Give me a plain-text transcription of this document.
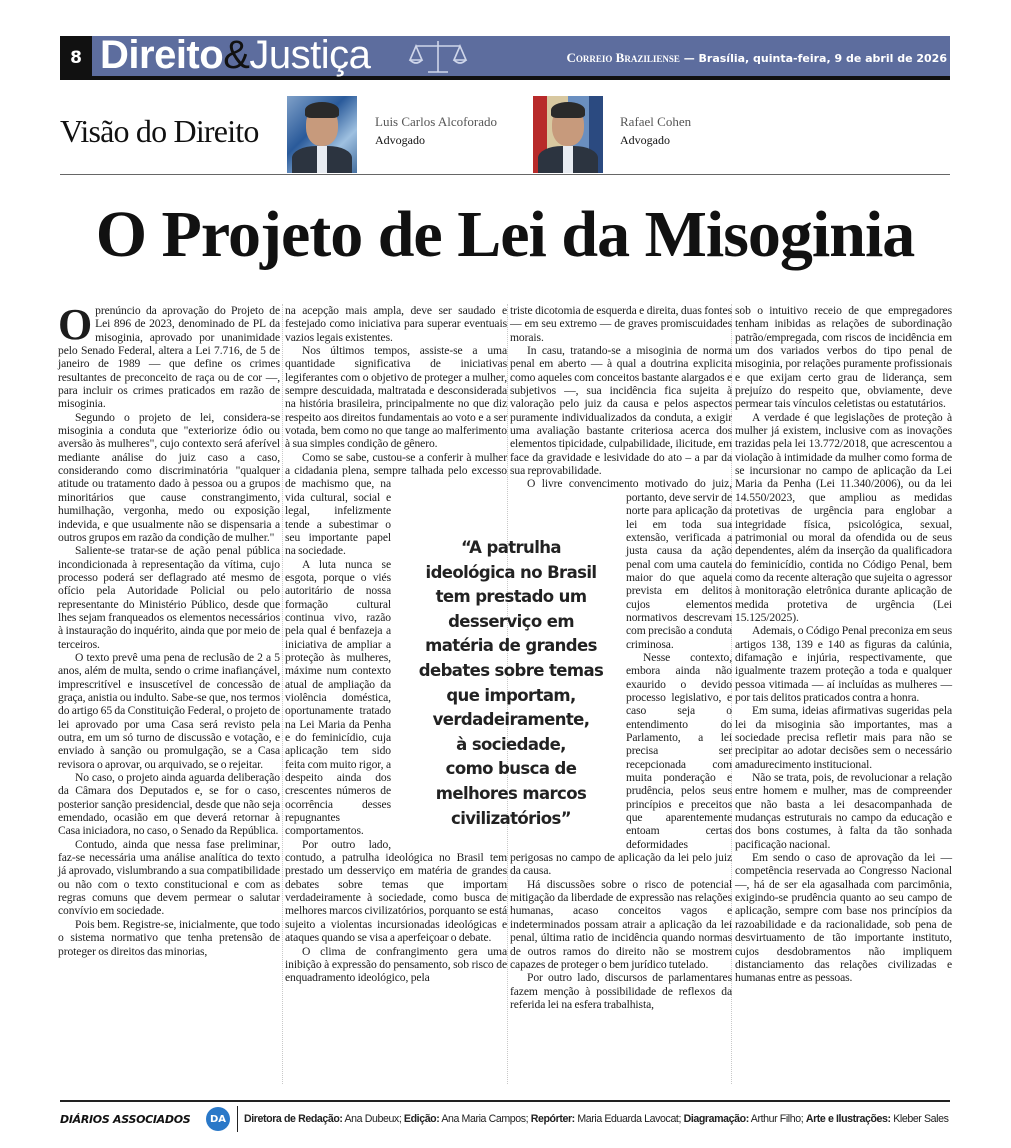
8 Direito&Justiça	Correio Braziliense — Brasília, quinta-feira, 9 de abril de 2026
Visão do Direito	Luis Carlos Alcoforado
Advogado
Rafael Cohen
Advogado
O Projeto de Lei da Misoginia

Oprenúncio da aprovação do Projeto de Lei 896 de 2023, denominado de PL da misoginia, aprovado por unanimidade pelo Senado Federal, altera a Lei 7.716, de 5 de janeiro de 1989 — que define os crimes resultantes de preconceito de raça ou de cor —, para incluir os crimes praticados em razão de misoginia.

Segundo o projeto de lei, considera-se misoginia a conduta que "exteriorize ódio ou aversão às mulheres", cujo contexto será aferível mediante análise do juiz caso a caso, considerando como discriminatória "qualquer atitude ou tratamento dado à pessoa ou a grupos minoritários que cause constrangimento, humilhação, vergonha, medo ou exposição indevida, e que usualmente não se dispensaria a outros grupos em razão da condição de mulher."

Saliente-se tratar-se de ação penal pública incondicionada à representação da vítima, cujo processo poderá ser deflagrado até mesmo de ofício pela Autoridade Policial ou pelo representante do Ministério Público, desde que lhes sejam franqueados os elementos necessários à instauração do inquérito, ainda que por meio de terceiros.

O texto prevê uma pena de reclusão de 2 a 5 anos, além de multa, sendo o crime inafiançável, imprescritível e insuscetível de concessão de graça, anistia ou indulto. Sabe-se que, nos termos do artigo 65 da Constituição Federal, o projeto de lei aprovado por uma Casa será revisto pela outra, em um só turno de discussão e votação, e enviado à sanção ou promulgação, se a Casa revisora o aprovar, ou arquivado, se o rejeitar.

No caso, o projeto ainda aguarda deliberação da Câmara dos Deputados e, se for o caso, posterior sanção presidencial, desde que não seja emendado, ocasião em que deverá retornar à Casa iniciadora, no caso, o Senado da República.

Contudo, ainda que nessa fase preliminar, faz-se necessária uma análise analítica do texto já aprovado, vislumbrando a sua compatibilidade ou não com o texto constitucional e com as regras comuns que devem permear o salutar convívio em sociedade.

Pois bem. Registre-se, inicialmente, que todo o sistema normativo que tenha pretensão de proteger os direitos das minorias,

na acepção mais ampla, deve ser saudado e festejado como iniciativa para superar eventuais vazios legais existentes.

Nos últimos tempos, assiste-se a uma quantidade significativa de iniciativas legiferantes com o objetivo de proteger a mulher, sempre descuidada, maltratada e desconsiderada na história brasileira, principalmente no que diz respeito aos direitos fundamentais ao voto e a ser votada, bem como no que tange ao malferimento à sua simples condição de gênero.

Como se sabe, custou-se a conferir à mulher a cidadania plena, sempre talhada pelo excesso de machismo que, na vida cultural, social e legal, infelizmente tende a subestimar o seu importante papel na sociedade.

A luta nunca se esgota, porque o viés autoritário de nossa formação cultural continua vivo, razão pela qual é benfazeja a iniciativa de ampliar a proteção às mulheres, máxime num contexto atual de ampliação da violência doméstica, oportunamente tratado na Lei Maria da Penha e do feminicídio, cuja aplicação tem sido feita com muito rigor, a despeito ainda dos crescentes números de ocorrência desses repugnantes comportamentos.

Por outro lado, contudo, a patrulha ideológica no Brasil tem prestado um desserviço em matéria de grandes debates sobre temas que importam verdadeiramente à sociedade, como busca de melhores marcos civilizatórios, porquanto se está sujeito a violentas incursionadas ideológicas e ataques quando se visa a aperfeiçoar o debate.

O clima de confrangimento gera uma inibição à expressão do pensamento, sob risco de enquadramento ideológico, pela

triste dicotomia de esquerda e direita, duas fontes — em seu extremo — de graves promiscuidades morais.

In casu, tratando-se a misoginia de norma penal em aberto — à qual a doutrina explicita como aqueles com conceitos bastante alargados e subjetivos —, sua incidência fica sujeita à valoração pelo juiz da causa e pelos aspectos puramente individualizados da conduta, a exigir uma avaliação bastante criteriosa acerca dos elementos tipicidade, culpabilidade, ilicitude, em face da gravidade e lesividade do ato – a par da sua reprovabilidade.

O livre convencimento motivado do juiz, portanto, deve servir de norte para aplicação da lei em toda sua extensão, verificada a justa causa da ação penal com uma cautela maior do que aquela prevista em delitos cujos elementos normativos descrevam com precisão a conduta criminosa.

Nesse contexto, embora ainda não exaurido o devido processo legislativo, e caso seja o entendimento do Parlamento, a lei precisa ser recepcionada com muita ponderação e prudência, pelos seus princípios e preceitos que aparentemente entoam certas deformidades perigosas no campo de aplicação da lei pelo juiz da causa.

Há discussões sobre o risco de potencial mitigação da liberdade de expressão nas relações humanas, acaso conceitos vagos e indeterminados possam atrair a aplicação da lei penal, última ratio de incidência quando normas de outros ramos do direito não se mostrem capazes de proteger o bem jurídico tutelado.

Por outro lado, discursos de parlamentares fazem menção à possibilidade de reflexos da referida lei na esfera trabalhista,

sob o intuitivo receio de que empregadores tenham inibidas as relações de subordinação patrão/empregada, com riscos de incidência em um dos variados verbos do tipo penal de misoginia, por relações puramente profissionais e que exijam certo grau de liderança, sem prejuízo do respeito que, obviamente, deve permear tais vínculos celetistas ou estatutários.

A verdade é que legislações de proteção à mulher já existem, inclusive com as inovações trazidas pela lei 13.772/2018, que acrescentou a violação à intimidade da mulher como forma de se incursionar no campo de aplicação da Lei Maria da Penha (Lei 11.340/2006), ou da lei 14.550/2023, que ampliou as medidas protetivas de urgência para englobar a integridade física, psicológica, sexual, patrimonial ou moral da ofendida ou de seus dependentes, além da inserção da qualificadora do feminicídio, contida no Código Penal, bem como da recente alteração que sujeita o agressor à monitoração eletrônica durante aplicação de medida protetiva de urgência (Lei 15.125/2025).

Ademais, o Código Penal preconiza em seus artigos 138, 139 e 140 as figuras da calúnia, difamação e injúria, respectivamente, que igualmente trazem proteção a toda e qualquer pessoa vitimada — aí incluídas as mulheres — por tais delitos praticados contra a honra.

Em suma, ideias afirmativas sugeridas pela lei da misoginia são importantes, mas a sociedade precisa refletir mais para não se precipitar ao adotar decisões sem o necessário amadurecimento institucional.

Não se trata, pois, de revolucionar a relação entre homem e mulher, mas de compreender que não basta a lei desacompanhada de mudanças estruturais no campo da educação e dos bons costumes, à falta da tão sonhada pacificação nacional.

Em sendo o caso de aprovação da lei — competência reservada ao Congresso Nacional —, há de ser ela agasalhada com parcimônia, exigindo-se prudência quanto ao seu campo de aplicação, sempre com base nos princípios da razoabilidade e da racionalidade, sob pena de desvirtuamento de tão importante instituto, cujos desdobramentos não impliquem distanciamento das relações civilizadas e humanas entre as pessoas.

“A patrulha
ideológica no Brasil
tem prestado um
desserviço em
matéria de grandes
debates sobre temas
que importam,
verdadeiramente,
à sociedade,
como busca de
melhores marcos
civilizatórios”
DIÁRIOS ASSOCIADOS	DA	Diretora de Redação: Ana Dubeux; Edição: Ana Maria Campos; Repórter: Maria Eduarda Lavocat; Diagramação: Arthur Filho; Arte e Ilustrações: Kleber Sales
